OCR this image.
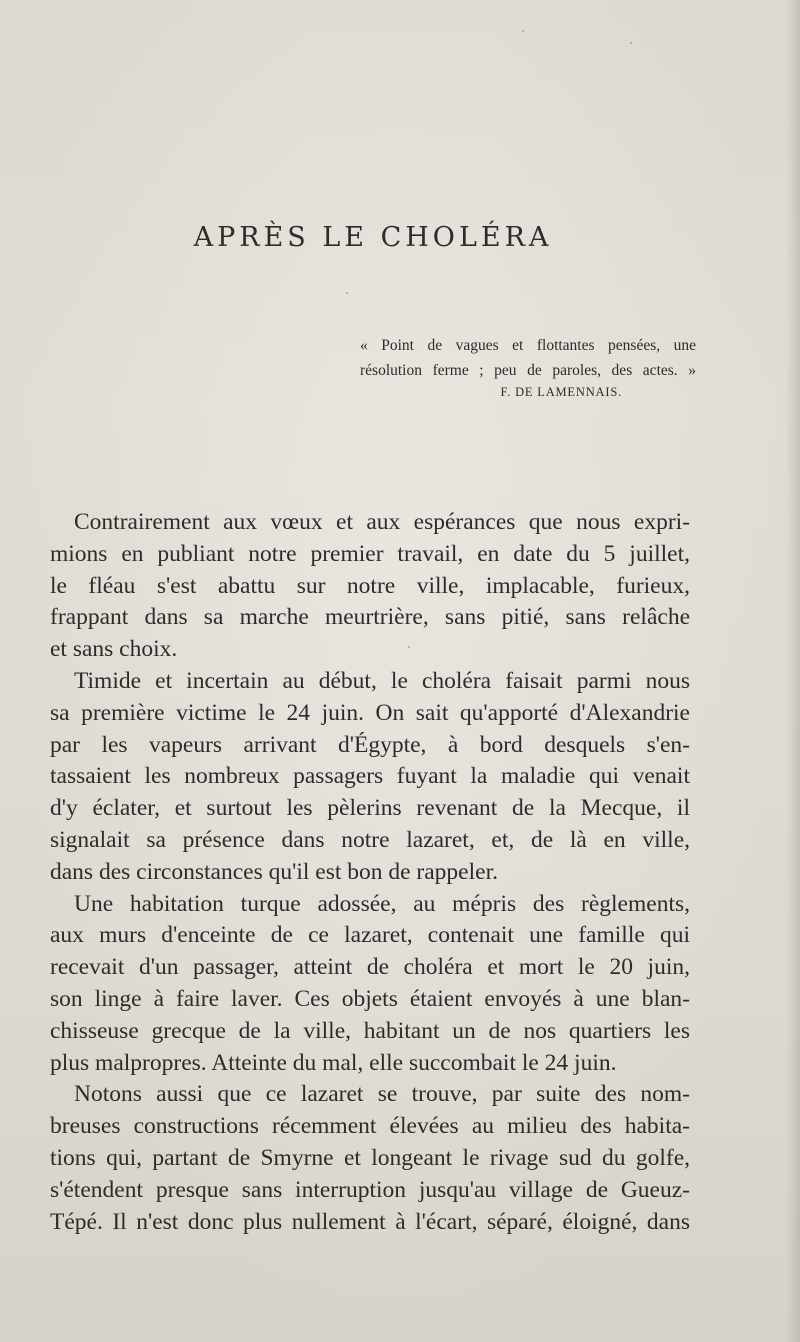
APRÈS LE CHOLÉRA
« Point de vagues et flottantes pensées, une
résolution ferme ; peu de paroles, des actes. »
F. DE LAMENNAIS.

Contrairement aux vœux et aux espérances que nous expri-
mions en publiant notre premier travail, en date du 5 juillet,
le fléau s'est abattu sur notre ville, implacable, furieux,
frappant dans sa marche meurtrière, sans pitié, sans relâche
et sans choix.

Timide et incertain au début, le choléra faisait parmi nous
sa première victime le 24 juin. On sait qu'apporté d'Alexandrie
par les vapeurs arrivant d'Égypte, à bord desquels s'en-
tassaient les nombreux passagers fuyant la maladie qui venait
d'y éclater, et surtout les pèlerins revenant de la Mecque, il
signalait sa présence dans notre lazaret, et, de là en ville,
dans des circonstances qu'il est bon de rappeler.

Une habitation turque adossée, au mépris des règlements,
aux murs d'enceinte de ce lazaret, contenait une famille qui
recevait d'un passager, atteint de choléra et mort le 20 juin,
son linge à faire laver. Ces objets étaient envoyés à une blan-
chisseuse grecque de la ville, habitant un de nos quartiers les
plus malpropres. Atteinte du mal, elle succombait le 24 juin.

Notons aussi que ce lazaret se trouve, par suite des nom-
breuses constructions récemment élevées au milieu des habita-
tions qui, partant de Smyrne et longeant le rivage sud du golfe,
s'étendent presque sans interruption jusqu'au village de Gueuz-
Tépé. Il n'est donc plus nullement à l'écart, séparé, éloigné, dans
